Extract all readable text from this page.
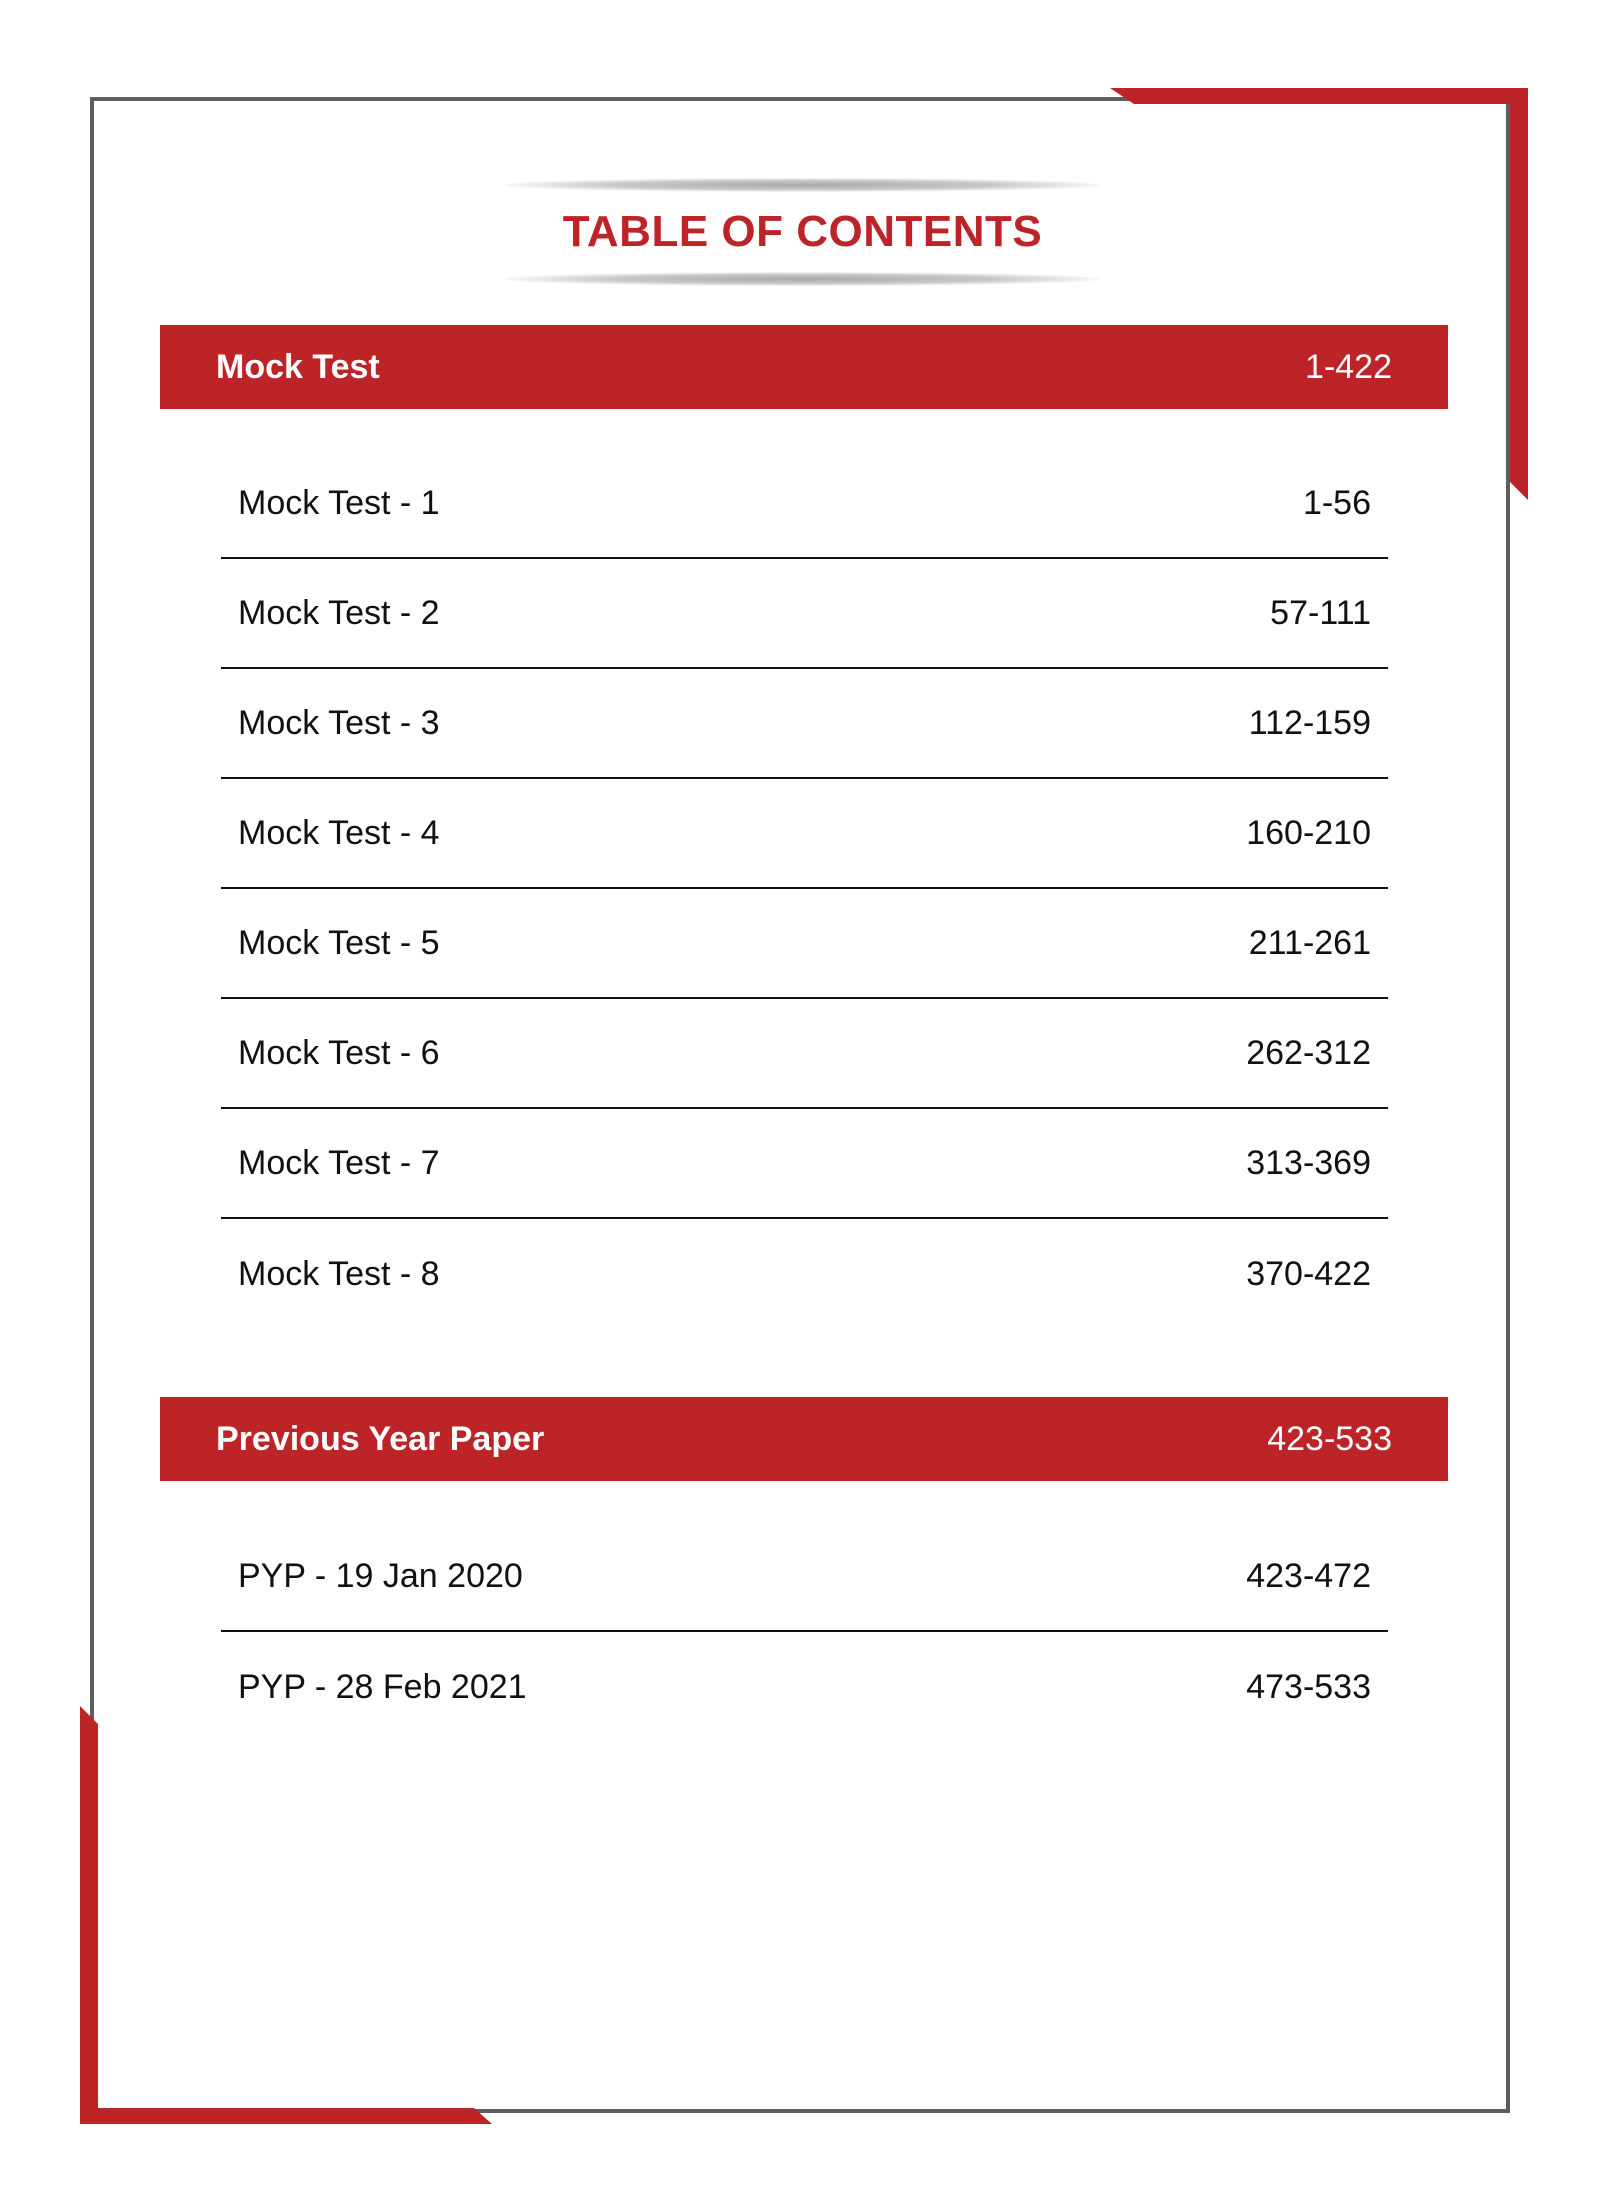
TABLE OF CONTENTS
Mock Test	1-422
Mock Test - 1	1-56
Mock Test - 2	57-111
Mock Test - 3	112-159
Mock Test - 4	160-210
Mock Test - 5	211-261
Mock Test - 6	262-312
Mock Test - 7	313-369
Mock Test - 8	370-422
Previous Year Paper	423-533
PYP - 19 Jan 2020	423-472
PYP - 28 Feb 2021	473-533
